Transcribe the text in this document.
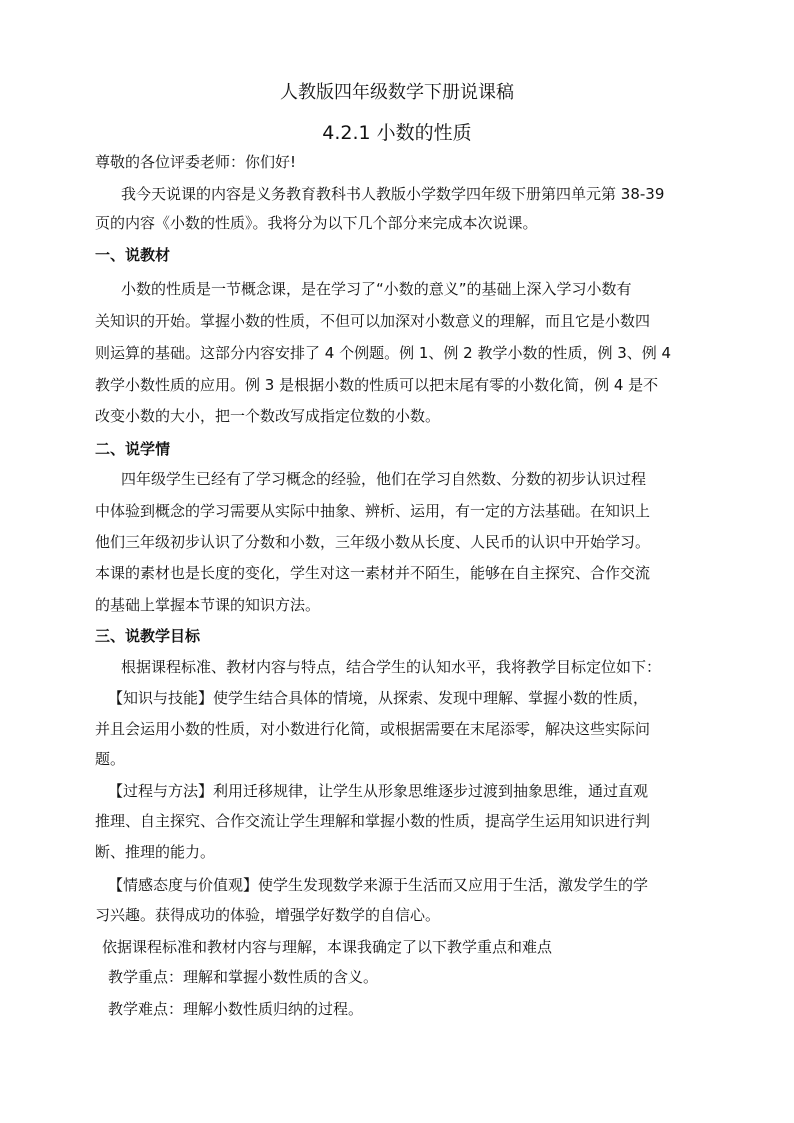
人教版四年级数学下册说课稿
4.2.1 小数的性质
尊敬的各位评委老师：你们好!
我今天说课的内容是义务教育教科书人教版小学数学四年级下册第四单元第 38-39
页的内容《小数的性质》。我将分为以下几个部分来完成本次说课。
一、说教材
小数的性质是一节概念课，是在学习了“小数的意义”的基础上深入学习小数有
关知识的开始。掌握小数的性质，不但可以加深对小数意义的理解，而且它是小数四
则运算的基础。这部分内容安排了 4 个例题。例 1、例 2 教学小数的性质，例 3、例 4
教学小数性质的应用。例 3 是根据小数的性质可以把末尾有零的小数化简，例 4 是不
改变小数的大小，把一个数改写成指定位数的小数。
二、说学情
四年级学生已经有了学习概念的经验，他们在学习自然数、分数的初步认识过程
中体验到概念的学习需要从实际中抽象、辨析、运用，有一定的方法基础。在知识上
他们三年级初步认识了分数和小数，三年级小数从长度、人民币的认识中开始学习。
本课的素材也是长度的变化，学生对这一素材并不陌生，能够在自主探究、合作交流
的基础上掌握本节课的知识方法。
三、说教学目标
根据课程标准、教材内容与特点，结合学生的认知水平，我将教学目标定位如下：
【知识与技能】使学生结合具体的情境，从探索、发现中理解、掌握小数的性质，
并且会运用小数的性质，对小数进行化简，或根据需要在末尾添零，解决这些实际问
题。
【过程与方法】利用迁移规律，让学生从形象思维逐步过渡到抽象思维，通过直观
推理、自主探究、合作交流让学生理解和掌握小数的性质，提高学生运用知识进行判
断、推理的能力。
【情感态度与价值观】使学生发现数学来源于生活而又应用于生活，激发学生的学
习兴趣。获得成功的体验，增强学好数学的自信心。
依据课程标准和教材内容与理解，本课我确定了以下教学重点和难点
教学重点：理解和掌握小数性质的含义。
教学难点：理解小数性质归纳的过程。
